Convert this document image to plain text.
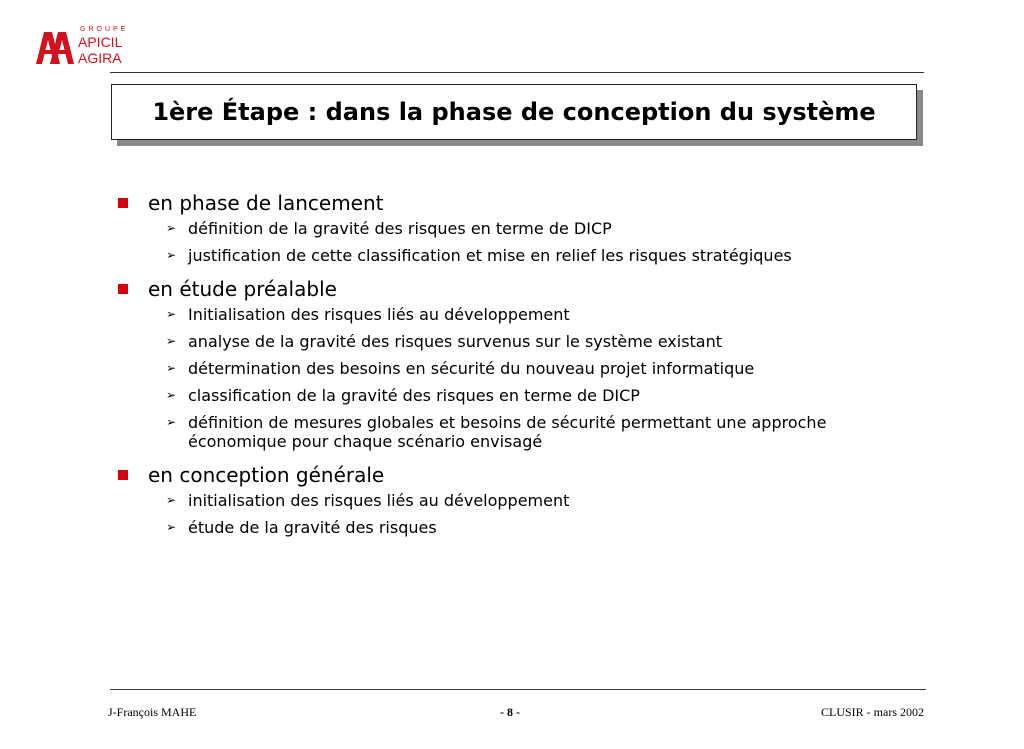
GROUPE
APICIL
AGIRA
1ère Étape : dans la phase de conception du système
en phase de lancement
➢ définition de la gravité des risques en terme de DICP
➢ justification de cette classification et mise en relief les risques stratégiques
en étude préalable
➢ Initialisation des risques liés au développement
➢ analyse de la gravité des risques survenus sur le système existant
➢ détermination des besoins en sécurité du nouveau projet informatique
➢ classification de la gravité des risques en terme de DICP
➢ définition de mesures globales et besoins de sécurité permettant une approche économique pour chaque scénario envisagé
en conception générale
➢ initialisation des risques liés au développement
➢ étude de la gravité des risques
J-François MAHE	- 8 -	CLUSIR - mars 2002
